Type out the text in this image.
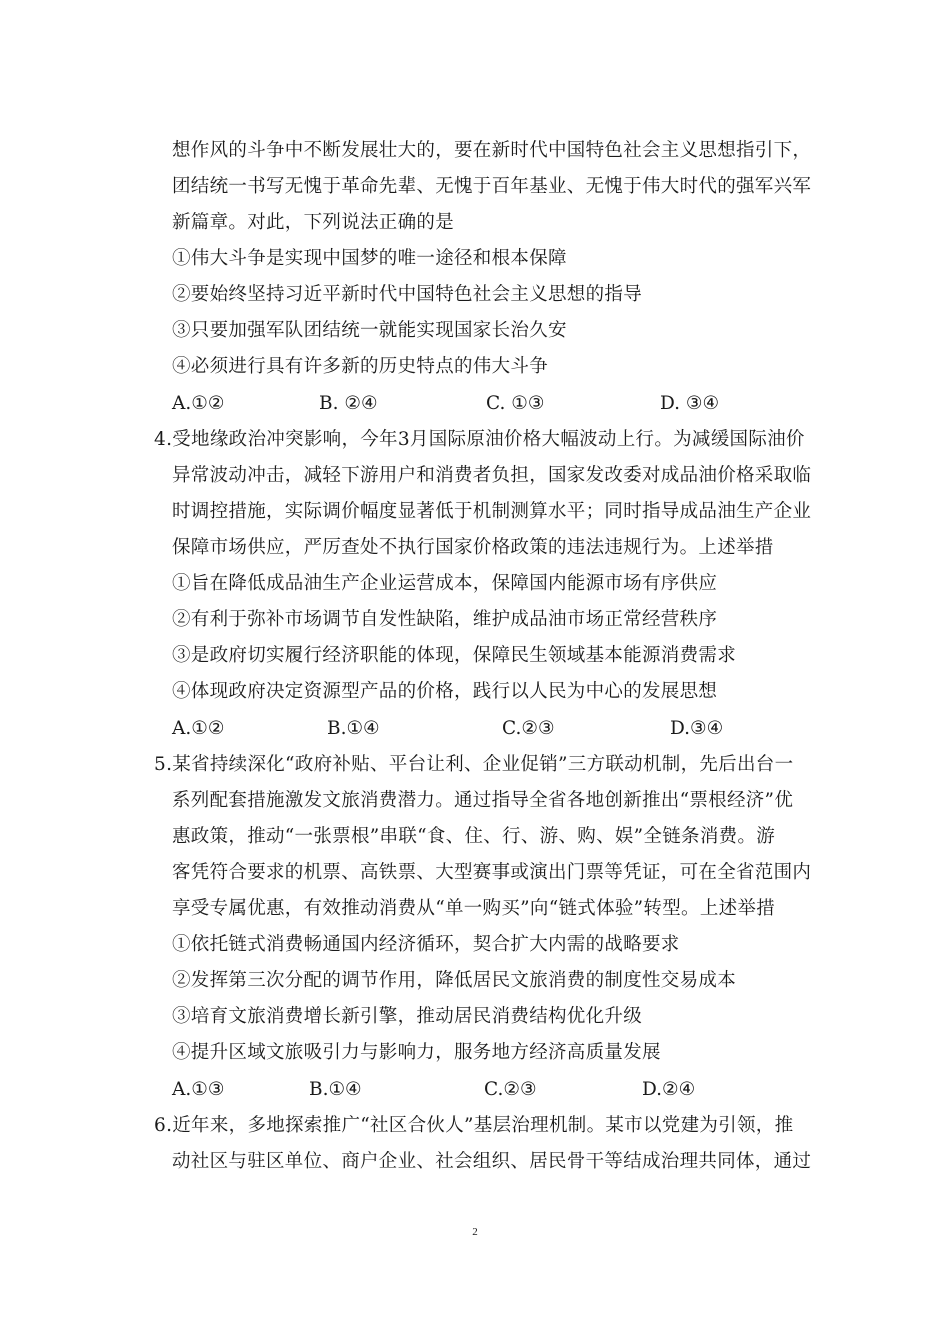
想作风的斗争中不断发展壮大的，要在新时代中国特色社会主义思想指引下，
团结统一书写无愧于革命先辈、无愧于百年基业、无愧于伟大时代的强军兴军
新篇章。对此，下列说法正确的是
①伟大斗争是实现中国梦的唯一途径和根本保障
②要始终坚持习近平新时代中国特色社会主义思想的指导
③只要加强军队团结统一就能实现国家长治久安
④必须进行具有许多新的历史特点的伟大斗争
A.①②	B. ②④	C. ①③	D. ③④
4.受地缘政治冲突影响，今年3月国际原油价格大幅波动上行。为减缓国际油价
异常波动冲击，减轻下游用户和消费者负担，国家发改委对成品油价格采取临
时调控措施，实际调价幅度显著低于机制测算水平；同时指导成品油生产企业
保障市场供应，严厉查处不执行国家价格政策的违法违规行为。上述举措
①旨在降低成品油生产企业运营成本，保障国内能源市场有序供应
②有利于弥补市场调节自发性缺陷，维护成品油市场正常经营秩序
③是政府切实履行经济职能的体现，保障民生领域基本能源消费需求
④体现政府决定资源型产品的价格，践行以人民为中心的发展思想
A.①②	B.①④	C.②③	D.③④
5.某省持续深化“政府补贴、平台让利、企业促销”三方联动机制，先后出台一
系列配套措施激发文旅消费潜力。通过指导全省各地创新推出“票根经济”优
惠政策，推动“一张票根”串联“食、住、行、游、购、娱”全链条消费。游
客凭符合要求的机票、高铁票、大型赛事或演出门票等凭证，可在全省范围内
享受专属优惠，有效推动消费从“单一购买”向“链式体验”转型。上述举措
①依托链式消费畅通国内经济循环，契合扩大内需的战略要求
②发挥第三次分配的调节作用，降低居民文旅消费的制度性交易成本
③培育文旅消费增长新引擎，推动居民消费结构优化升级
④提升区域文旅吸引力与影响力，服务地方经济高质量发展
A.①③	B.①④	C.②③	D.②④
6.近年来，多地探索推广“社区合伙人”基层治理机制。某市以党建为引领，推
动社区与驻区单位、商户企业、社会组织、居民骨干等结成治理共同体，通过
2
